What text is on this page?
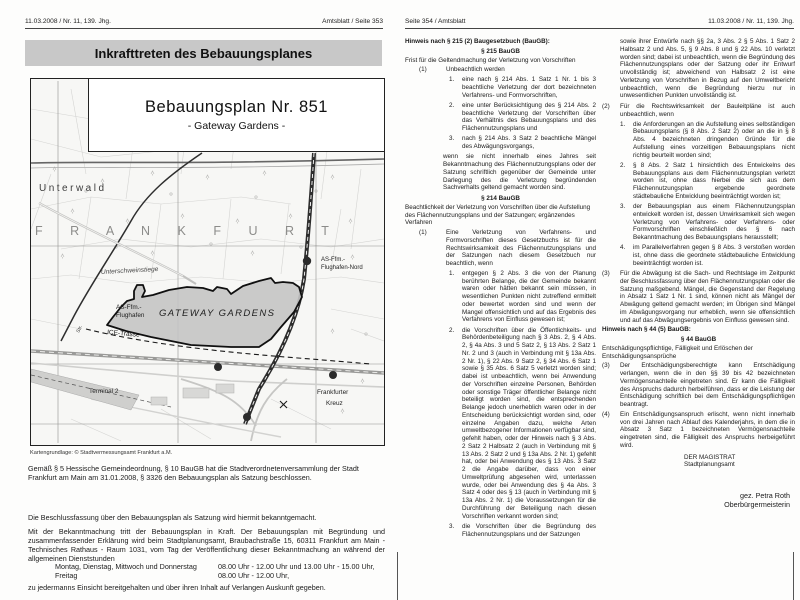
11.03.2008 / Nr. 11, 139. Jhg.	Amtsblatt / Seite 353
Inkrafttreten des Bebauungsplanes
Unterwald
F R A N K F U R T
Unterschweinstiege
AS-Ffm.-
Flughafen-Nord
AS-Ffm.-
Flughafen GATEWAY GARDENS
ICE-Trasse
Str.
Terminal 2	Frankfurter
Kreuz
Bebauungsplan Nr. 851
- Gateway Gardens -
Kartengrundlage: © Stadtvermessungsamt Frankfurt a.M.
Gemäß § 5 Hessische Gemeindeordnung, § 10 BauGB hat die Stadtverordnetenversammlung der Stadt Frankfurt am Main am 31.01.2008, § 3326 den Bebauungsplan als Satzung beschlossen.
gez. Petra Roth
Oberbürgermeisterin
Die Beschlussfassung über den Bebauungsplan als Satzung wird hiermit bekanntgemacht.
Mit der Bekanntmachung tritt der Bebauungsplan in Kraft. Der Bebauungsplan mit Begründung und zusammenfassender Erklärung wird beim Stadtplanungsamt, Braubachstraße 15, 60311 Frankfurt am Main - Technisches Rathaus - Raum 1031, vom Tag der Veröffentlichung dieser Bekanntmachung an während der allgemeinen Dienststunden
Montag, Dienstag, Mittwoch und Donnerstag	08.00 Uhr - 12.00 Uhr und 13.00 Uhr - 15.00 Uhr,
Freitag	08.00 Uhr - 12.00 Uhr,
zu jedermanns Einsicht bereitgehalten und über ihren Inhalt auf Verlangen Auskunft gegeben.
Seite 354 / Amtsblatt	11.03.2008 / Nr. 11, 139. Jhg.
Hinweis nach § 215 (2) Baugesetzbuch (BauGB):
§ 215 BauGB
Frist für die Geltendmachung der Verletzung von Vorschriften
(1)	Unbeachtlich werden
1.	eine nach § 214 Abs. 1 Satz 1 Nr. 1 bis 3 beachtliche Verletzung der dort bezeichneten Verfahrens- und Formvorschriften,
2.	eine unter Berücksichtigung des § 214 Abs. 2 beachtliche Verletzung der Vorschriften über das Verhältnis des Bebauungsplans und des Flächennutzungsplans und
3.	nach § 214 Abs. 3 Satz 2 beachtliche Mängel des Abwägungsvorgangs,
wenn sie nicht innerhalb eines Jahres seit Bekanntmachung des Flächennutzungsplans oder der Satzung schriftlich gegenüber der Gemeinde unter Darlegung des die Verletzung begründenden Sachverhalts geltend gemacht worden sind.
§ 214 BauGB
Beachtlichkeit der Verletzung von Vorschriften über die Aufstellung des Flächennutzungsplans und der Satzungen; ergänzendes Verfahren
(1)	Eine Verletzung von Verfahrens- und Formvorschriften dieses Gesetzbuchs ist für die Rechtswirksamkeit des Flächennutzungsplans und der Satzungen nach diesem Gesetzbuch nur beachtlich, wenn
1.	entgegen § 2 Abs. 3 die von der Planung berührten Belange, die der Gemeinde bekannt waren oder hätten bekannt sein müssen, in wesentlichen Punkten nicht zutreffend ermittelt oder bewertet worden sind und wenn der Mangel offensichtlich und auf das Ergebnis des Verfahrens von Einfluss gewesen ist;
2.	die Vorschriften über die Öffentlichkeits- und Behördenbeteiligung nach § 3 Abs. 2, § 4 Abs. 2, § 4a Abs. 3 und 5 Satz 2, § 13 Abs. 2 Satz 1 Nr. 2 und 3 (auch in Verbindung mit § 13a Abs. 2 Nr. 1), § 22 Abs. 9 Satz 2, § 34 Abs. 6 Satz 1 sowie § 35 Abs. 6 Satz 5 verletzt worden sind; dabei ist unbeachtlich, wenn bei Anwendung der Vorschriften einzelne Personen, Behörden oder sonstige Träger öffentlicher Belange nicht beteiligt worden sind, die entsprechenden Belange jedoch unerheblich waren oder in der Entscheidung berücksichtigt worden sind, oder einzelne Angaben dazu, welche Arten umweltbezogener Informationen verfügbar sind, gefehlt haben, oder der Hinweis nach § 3 Abs. 2 Satz 2 Halbsatz 2 (auch in Verbindung mit § 13 Abs. 2 Satz 2 und § 13a Abs. 2 Nr. 1) gefehlt hat, oder bei Anwendung des § 13 Abs. 3 Satz 2 die Angabe darüber, dass von einer Umweltprüfung abgesehen wird, unterlassen wurde, oder bei Anwendung des § 4a Abs. 3 Satz 4 oder des § 13 (auch in Verbindung mit § 13a Abs. 2 Nr. 1) die Voraussetzungen für die Durchführung der Beteiligung nach diesen Vorschriften verkannt worden sind;
3.	die Vorschriften über die Begründung des Flächennutzungsplans und der Satzungen
sowie ihrer Entwürfe nach §§ 2a, 3 Abs. 2 § 5 Abs. 1 Satz 2 Halbsatz 2 und Abs. 5, § 9 Abs. 8 und § 22 Abs. 10 verletzt worden sind; dabei ist unbeachtlich, wenn die Begründung des Flächennutzungsplans oder der Satzung oder ihr Entwurf unvollständig ist; abweichend von Halbsatz 2 ist eine Verletzung von Vorschriften in Bezug auf den Umweltbericht unbeachtlich, wenn die Begründung hierzu nur in unwesentlichen Punkten unvollständig ist.
(2)	Für die Rechtswirksamkeit der Bauleitpläne ist auch unbeachtlich, wenn
1.	die Anforderungen an die Aufstellung eines selbständigen Bebauungsplans (§ 8 Abs. 2 Satz 2) oder an die in § 8 Abs. 4 bezeichneten dringenden Gründe für die Aufstellung eines vorzeitigen Bebauungsplans nicht richtig beurteilt worden sind;
2.	§ 8 Abs. 2 Satz 1 hinsichtlich des Entwickelns des Bebauungsplans aus dem Flächennutzungsplan verletzt worden ist, ohne dass hierbei die sich aus dem Flächennutzungsplan ergebende geordnete städtebauliche Entwicklung beeinträchtigt worden ist;
3.	der Bebauungsplan aus einem Flächennutzungsplan entwickelt worden ist, dessen Unwirksamkeit sich wegen Verletzung von Verfahrens- oder Verfahrens- oder Formvorschriften einschließlich des § 6 nach Bekanntmachung des Bebauungsplans herausstellt;
4.	im Parallelverfahren gegen § 8 Abs. 3 verstoßen worden ist, ohne dass die geordnete städtebauliche Entwicklung beeinträchtigt worden ist.
(3)	Für die Abwägung ist die Sach- und Rechtslage im Zeitpunkt der Beschlussfassung über den Flächennutzungsplan oder die Satzung maßgebend. Mängel, die Gegenstand der Regelung in Absatz 1 Satz 1 Nr. 1 sind, können nicht als Mängel der Abwägung geltend gemacht werden; im Übrigen sind Mängel im Abwägungsvorgang nur erheblich, wenn sie offensichtlich und auf das Abwägungsergebnis von Einfluss gewesen sind.
Hinweis nach § 44 (5) BauGB:
§ 44 BauGB
Entschädigungspflichtige, Fälligkeit und Erlöschen der Entschädigungsansprüche
(3)	Der Entschädigungsberechtigte kann Entschädigung verlangen, wenn die in den §§ 39 bis 42 bezeichneten Vermögensnachteile eingetreten sind. Er kann die Fälligkeit des Anspruchs dadurch herbeiführen, dass er die Leistung der Entschädigung schriftlich bei dem Entschädigungspflichtigen beantragt.
(4)	Ein Entschädigungsanspruch erlischt, wenn nicht innerhalb von drei Jahren nach Ablauf des Kalenderjahrs, in dem die in Absatz 3 Satz 1 bezeichneten Vermögensnachteile eingetreten sind, die Fälligkeit des Anspruchs herbeigeführt wird.
DER MAGISTRAT
Stadtplanungsamt
